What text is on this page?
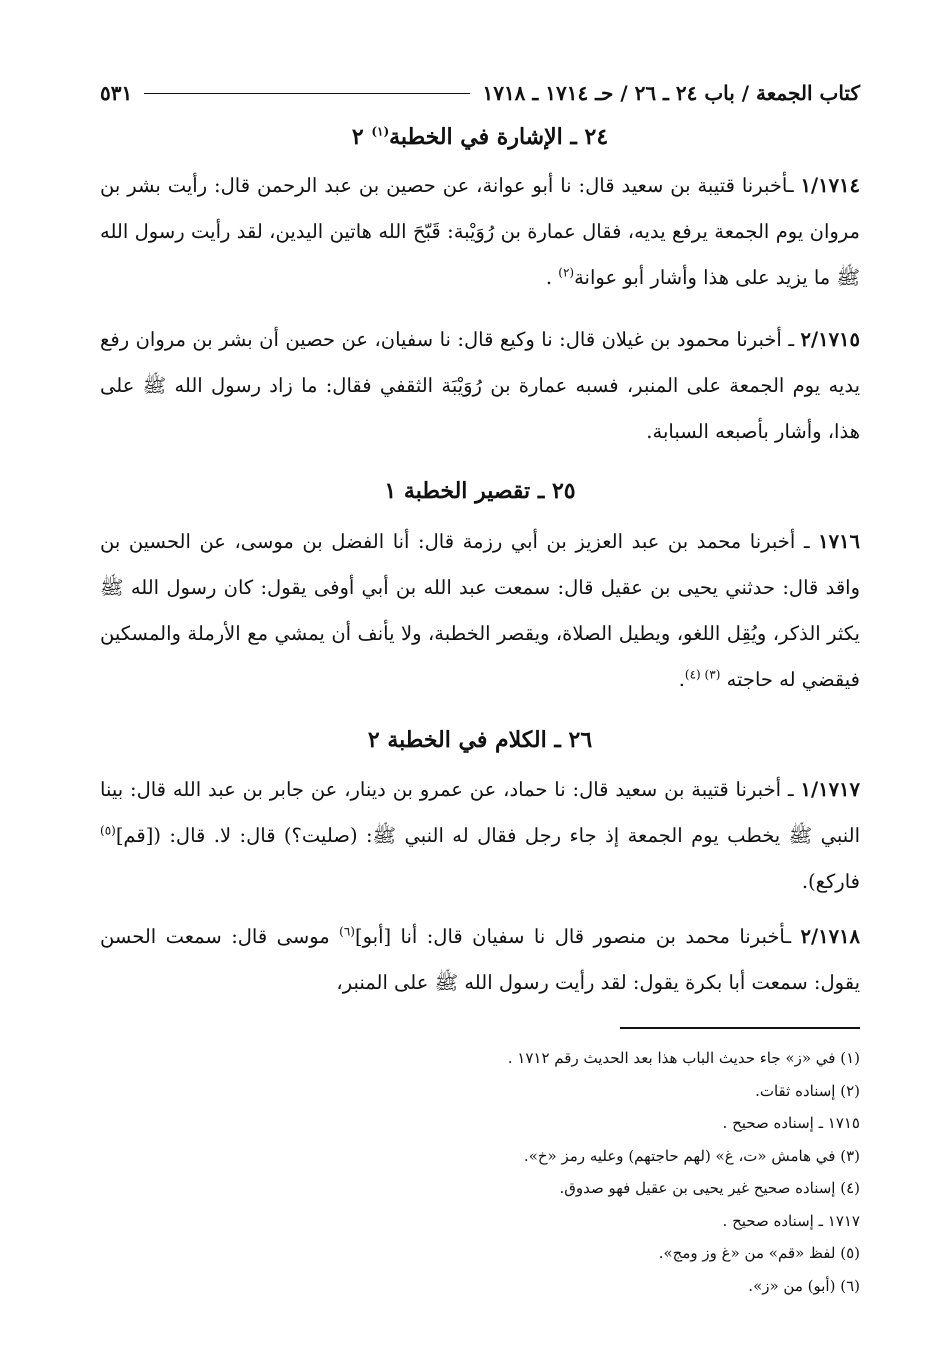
كتاب الجمعة / باب ٢٤ ـ ٢٦ / حـ ١٧١٤ ـ ١٧١٨
٥٣١
٢٤ ـ الإشارة في الخطبة$^{(١)}$ ٢

١/١٧١٤ ـأخبرنا قتيبة بن سعيد قال: نا أبو عوانة، عن حصين بن عبد الرحمن قال: رأيت بشر بن مروان يوم الجمعة يرفع يديه، فقال عمارة بن رُوَيْبة: قَبّحَ الله هاتين اليدين، لقد رأيت رسول الله ﷺ ما يزيد على هذا وأشار أبو عوانة$^{(٢)}$ .

٢/١٧١٥ ـ أخبرنا محمود بن غيلان قال: نا وكيع قال: نا سفيان، عن حصين أن بشر بن مروان رفع يديه يوم الجمعة على المنبر، فسبه عمارة بن رُوَيْبَة الثقفي فقال: ما زاد رسول الله ﷺ على هذا، وأشار بأصبعه السبابة.

٢٥ ـ تقصير الخطبة ١

١٧١٦ ـ أخبرنا محمد بن عبد العزيز بن أبي رزمة قال: أنا الفضل بن موسى، عن الحسين بن واقد قال: حدثني يحيى بن عقيل قال: سمعت عبد الله بن أبي أوفى يقول: كان رسول الله ﷺ يكثر الذكر، ويُقِل اللغو، ويطيل الصلاة، ويقصر الخطبة، ولا يأنف أن يمشي مع الأرملة والمسكين فيقضي له حاجته $^{(٣) (٤)}$.

٢٦ ـ الكلام في الخطبة ٢

١/١٧١٧ ـ أخبرنا قتيبة بن سعيد قال: نا حماد، عن عمرو بن دينار، عن جابر بن عبد الله قال: بينا النبي ﷺ يخطب يوم الجمعة إذ جاء رجل فقال له النبي ﷺ: (صليت؟) قال: لا. قال: ([قم]$^{(٥)}$ فاركع).

٢/١٧١٨ ـأخبرنا محمد بن منصور قال نا سفيان قال: أنا [أبو]$^{(٦)}$ موسى قال: سمعت الحسن يقول: سمعت أبا بكرة يقول: لقد رأيت رسول الله ﷺ على المنبر،

(١) في «ز» جاء حديث الباب هذا بعد الحديث رقم ١٧١٢ .
(٢) إسناده ثقات.
١٧١٥ ـ إسناده صحيح .
(٣) في هامش «ت، غ» (لهم حاجتهم) وعليه رمز «خ».
(٤) إسناده صحيح غير يحيى بن عقيل فهو صدوق.
١٧١٧ ـ إسناده صحيح .
(٥) لفظ «قم» من «غ وز ومج».
(٦) (أبو) من «ز».
